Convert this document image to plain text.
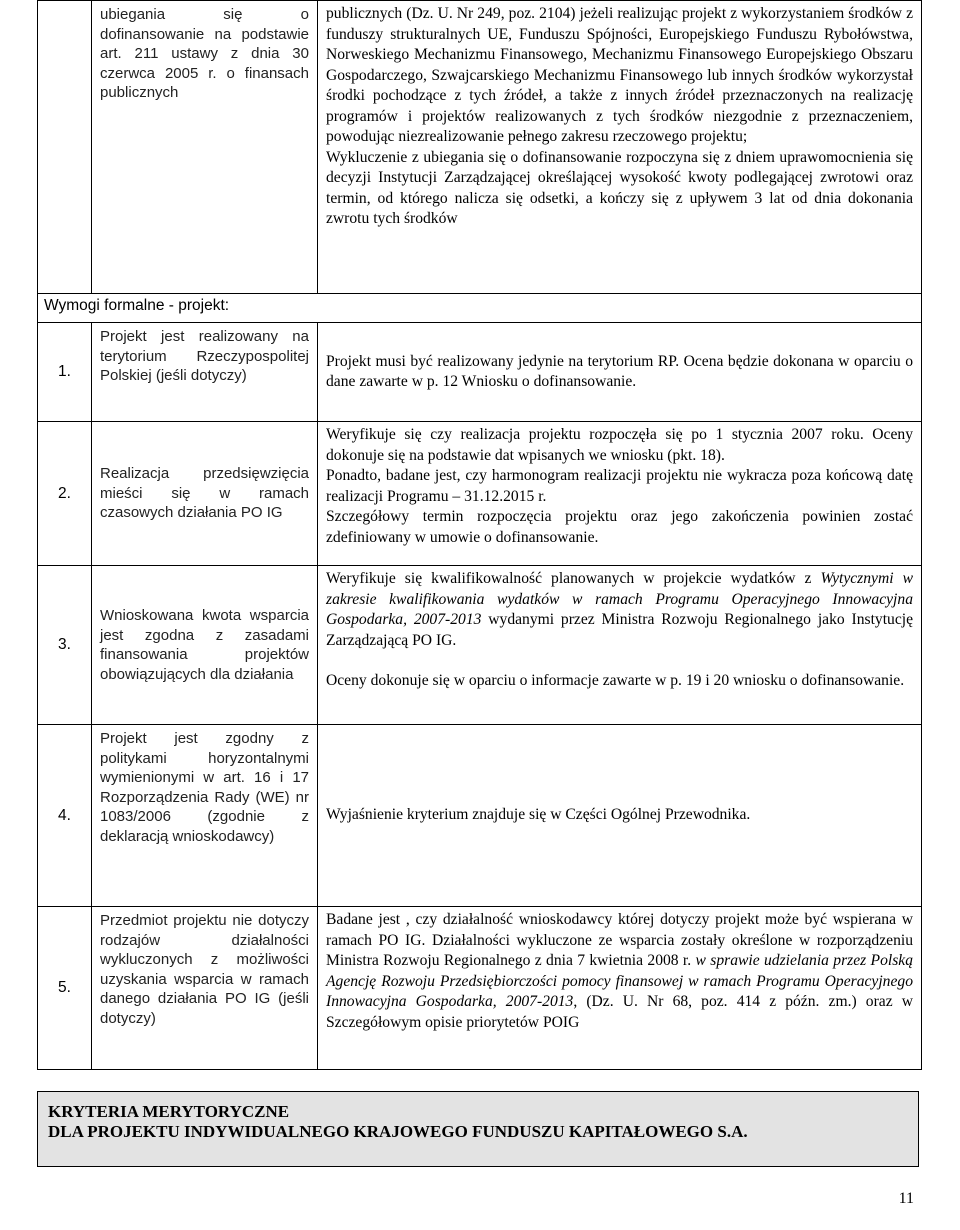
	ubiegania się o dofinansowanie na podstawie art. 211 ustawy z dnia 30 czerwca 2005 r. o finansach publicznych	publicznych (Dz. U. Nr 249, poz. 2104) jeżeli realizując projekt z wykorzystaniem środków z funduszy strukturalnych UE, Funduszu Spójności, Europejskiego Funduszu Rybołówstwa, Norweskiego Mechanizmu Finansowego, Mechanizmu Finansowego Europejskiego Obszaru Gospodarczego, Szwajcarskiego Mechanizmu Finansowego lub innych środków wykorzystał środki pochodzące z tych źródeł, a także z innych źródeł przeznaczonych na realizację programów i projektów realizowanych z tych środków niezgodnie z przeznaczeniem, powodując niezrealizowanie pełnego zakresu rzeczowego projektu;

Wykluczenie z ubiegania się o dofinansowanie rozpoczyna się z dniem uprawomocnienia się decyzji Instytucji Zarządzającej określającej wysokość kwoty podlegającej zwrotowi oraz termin, od którego nalicza się odsetki, a kończy się z upływem 3 lat od dnia dokonania zwrotu tych środków

Wymogi formalne - projekt:		
1.	Projekt jest realizowany na terytorium Rzeczypospolitej Polskiej (jeśli dotyczy)	Projekt musi być realizowany jedynie na terytorium RP. Ocena będzie dokonana w oparciu o dane zawarte w p. 12 Wniosku o dofinansowanie.

2.	Realizacja przedsięwzięcia mieści się w ramach czasowych działania PO IG	Weryfikuje się czy realizacja projektu rozpoczęła się po 1 stycznia 2007 roku. Oceny dokonuje się na podstawie dat wpisanych we wniosku (pkt. 18).

Ponadto, badane jest, czy harmonogram realizacji projektu nie wykracza poza końcową datę realizacji Programu – 31.12.2015 r.

Szczegółowy termin rozpoczęcia projektu oraz jego zakończenia powinien zostać zdefiniowany w umowie o dofinansowanie.

3.	Wnioskowana kwota wsparcia jest zgodna z zasadami finansowania projektów obowiązujących dla działania	Weryfikuje się kwalifikowalność planowanych w projekcie wydatków z Wytycznymi w zakresie kwalifikowania wydatków w ramach Programu Operacyjnego Innowacyjna Gospodarka, 2007-2013 wydanymi przez Ministra Rozwoju Regionalnego jako Instytucję Zarządzającą PO IG.

Oceny dokonuje się w oparciu o informacje zawarte w p. 19 i 20 wniosku o dofinansowanie.

4.	Projekt jest zgodny z politykami horyzontalnymi wymienionymi w art. 16 i 17 Rozporządzenia Rady (WE) nr 1083/2006 (zgodnie z deklaracją wnioskodawcy)	Wyjaśnienie kryterium znajduje się w Części Ogólnej Przewodnika.

5.	Przedmiot projektu nie dotyczy rodzajów działalności wykluczonych z możliwości uzyskania wsparcia w ramach danego działania PO IG (jeśli dotyczy)	Badane jest , czy działalność wnioskodawcy której dotyczy projekt może być wspierana w ramach PO IG. Działalności wykluczone ze wsparcia zostały określone w rozporządzeniu Ministra Rozwoju Regionalnego z dnia 7 kwietnia 2008 r. w sprawie udzielania przez Polską Agencję Rozwoju Przedsiębiorczości pomocy finansowej w ramach Programu Operacyjnego Innowacyjna Gospodarka, 2007-2013, (Dz. U. Nr 68, poz. 414 z późn. zm.) oraz w Szczegółowym opisie priorytetów POIG

KRYTERIA MERYTORYCZNE
DLA PROJEKTU INDYWIDUALNEGO KRAJOWEGO FUNDUSZU KAPITAŁOWEGO S.A.
11
